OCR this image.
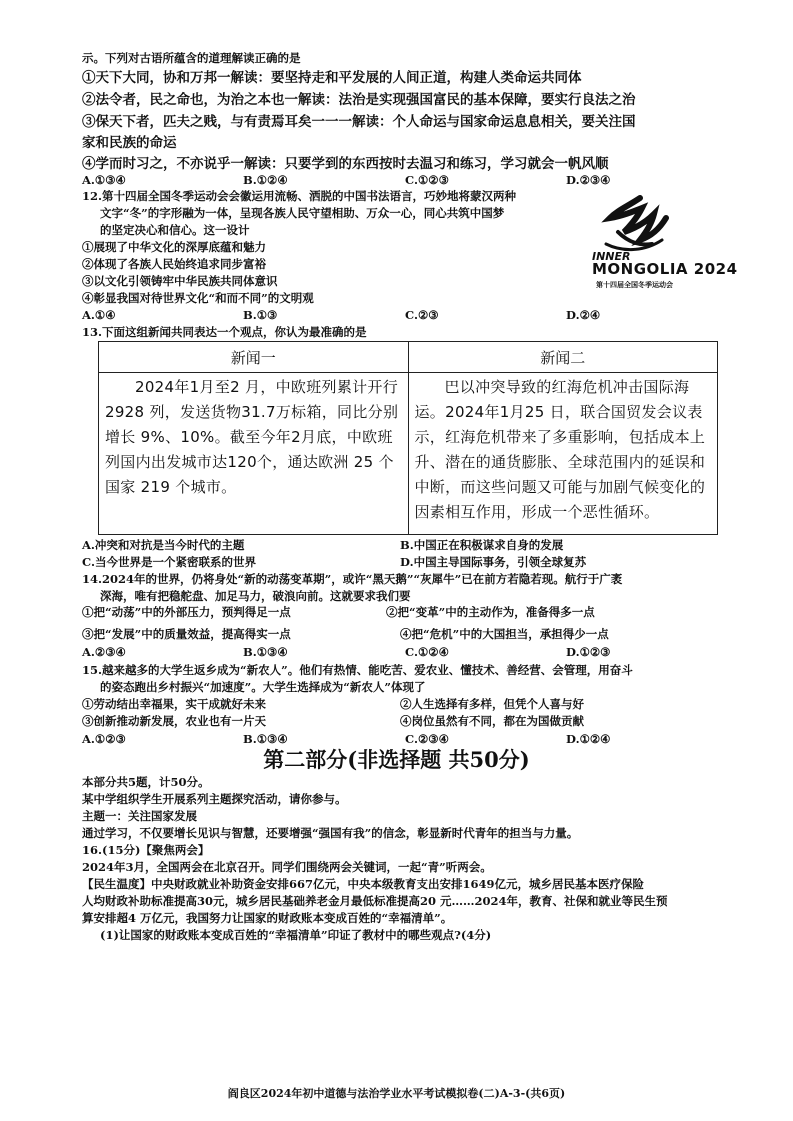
示。下列对古语所蕴含的道理解读正确的是
①天下大同，协和万邦一解读：要坚持走和平发展的人间正道，构建人类命运共同体
②法令者，民之命也，为治之本也一解读：法治是实现强国富民的基本保障，要实行良法之治
③保天下者，匹夫之贱，与有责焉耳矣一一一解读：个人命运与国家命运息息相关，要关注国
家和民族的命运
④学而时习之，不亦说乎一解读：只要学到的东西按时去温习和练习，学习就会一帆风顺
A.①③④	B.①②④	C.①②③	D.②③④
12.第十四届全国冬季运动会会徽运用流畅、洒脱的中国书法语言，巧妙地将蒙汉两种
文字“冬”的字形融为一体，呈现各族人民守望相助、万众一心，同心共筑中国梦
的坚定决心和信心。这一设计
①展现了中华文化的深厚底蕴和魅力
②体现了各族人民始终追求同步富裕
③以文化引领铸牢中华民族共同体意识
④彰显我国对待世界文化“和而不同”的文明观
A.①④	B.①③	C.②③	D.②④
INNER
MONGOLIA 2024
第十四届全国冬季运动会
13.下面这组新闻共同表达一个观点，你认为最准确的是
新闻一	新闻二
2024年1月至2 月，中欧班列累计开行 2928 列，发送货物31.7万标箱，同比分别增长 9%、10%。截至今年2月底，中欧班列国内出发城市达120个，通达欧洲 25 个国家 219 个城市。	巴以冲突导致的红海危机冲击国际海运。2024年1月25 日，联合国贸发会议表示，红海危机带来了多重影响，包括成本上升、潜在的通货膨胀、全球范围内的延误和中断，而这些问题又可能与加剧气候变化的因素相互作用，形成一个恶性循环。
A.冲突和对抗是当今时代的主题	B.中国正在积极谋求自身的发展
C.当今世界是一个紧密联系的世界	D.中国主导国际事务，引领全球复苏
14.2024年的世界，仍将身处“新的动荡变革期”，或许“黑天鹅”“灰犀牛”已在前方若隐若现。航行于广袤
深海，唯有把稳舵盘、加足马力，破浪向前。这就要求我们要
①把“动荡”中的外部压力，预判得足一点	②把“变革”中的主动作为，准备得多一点
③把“发展”中的质量效益，提高得实一点	④把“危机”中的大国担当，承担得少一点
A.②③④	B.①③④	C.①②④	D.①②③
15.越来越多的大学生返乡成为“新农人”。他们有热情、能吃苦、爱农业、懂技术、善经营、会管理，用奋斗
的姿态跑出乡村振兴“加速度”。大学生选择成为“新农人”体现了
①劳动结出幸福果，实干成就好未来	②人生选择有多样，但凭个人喜与好
③创新推动新发展，农业也有一片天	④岗位虽然有不同，都在为国做贡献
A.①②③	B.①③④	C.②③④	D.①②④
第二部分(非选择题 共50分)
本部分共5题，计50分。
某中学组织学生开展系列主题探究活动，请你参与。
主题一：关注国家发展
通过学习，不仅要增长见识与智慧，还要增强“强国有我”的信念，彰显新时代青年的担当与力量。
16.(15分)【聚焦两会】
2024年3月，全国两会在北京召开。同学们围绕两会关键词，一起“青”听两会。
【民生温度】中央财政就业补助资金安排667亿元，中央本级教育支出安排1649亿元，城乡居民基本医疗保险
人均财政补助标准提高30元，城乡居民基础养老金月最低标准提高20 元……2024年，教育、社保和就业等民生预
算安排超4 万亿元，我国努力让国家的财政账本变成百姓的“幸福清单”。
(1)让国家的财政账本变成百姓的“幸福清单”印证了教材中的哪些观点?(4分)
阎良区2024年初中道德与法治学业水平考试模拟卷(二)A-3-(共6页)
